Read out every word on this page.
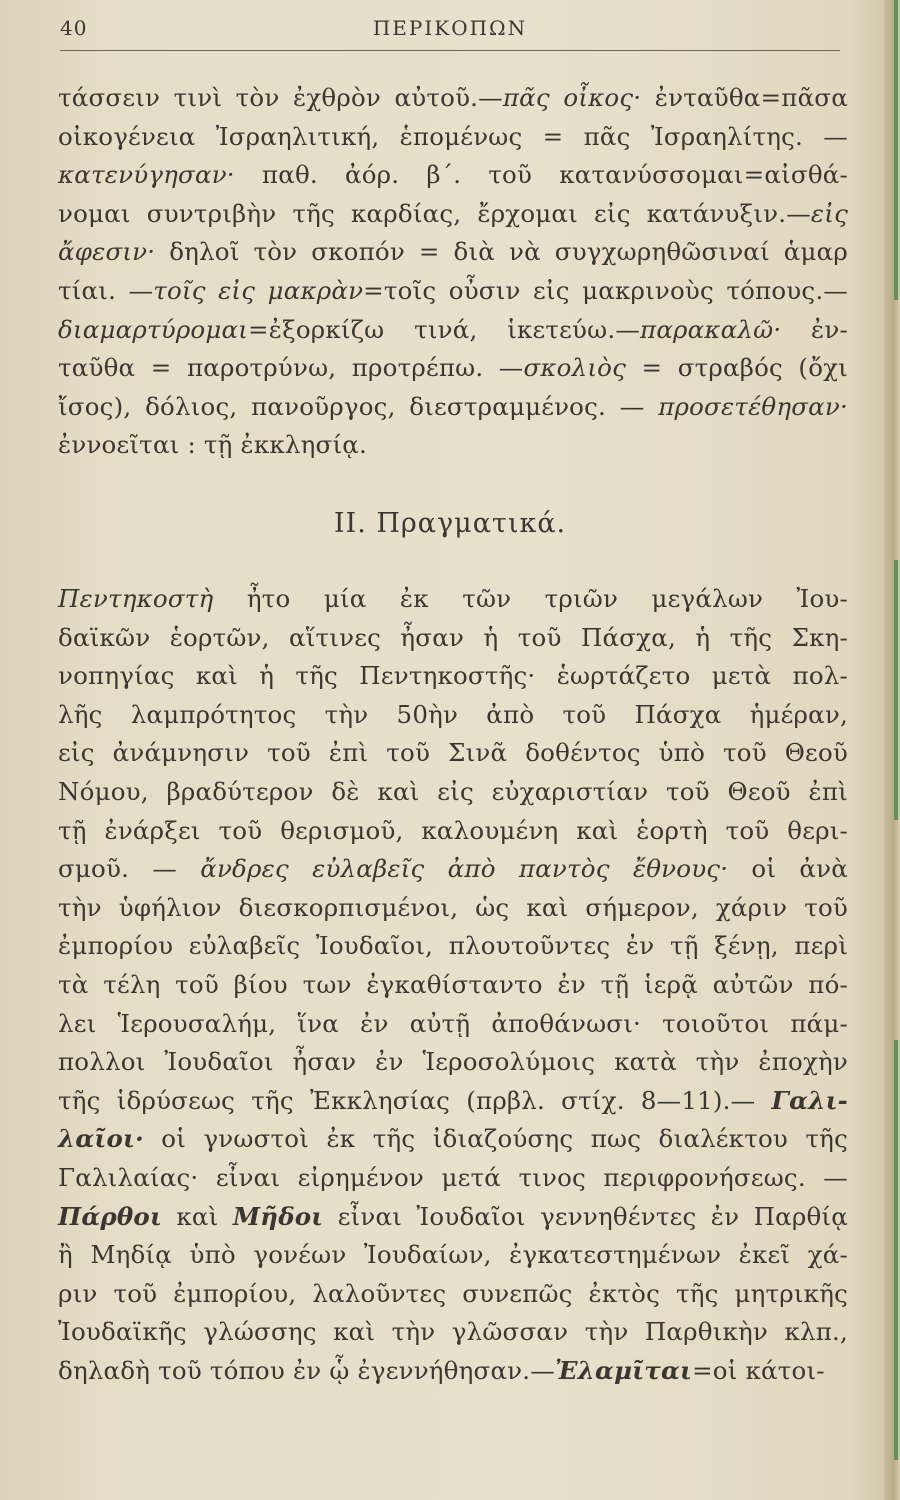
40	ΠΕΡΙΚΟΠΩΝ
τάσσειν τινὶ τὸν ἐχθρὸν αὐτοῦ.—πᾶς οἶκος· ἐνταῦθα=πᾶσα
οἰκογένεια Ἰσραηλιτική, ἑπομένως = πᾶς Ἰσραηλίτης. —
κατενύγησαν· παθ. ἀόρ. β΄. τοῦ κατανύσσομαι=αἰσθά-
νομαι συντριβὴν τῆς καρδίας, ἔρχομαι εἰς κατάνυξιν.—εἰς
ἄφεσιν· δηλοῖ τὸν σκοπόν = διὰ νὰ συγχωρηθῶσιναί ἁμαρ
τίαι. —τοῖς εἰς μακρὰν=τοῖς οὖσιν εἰς μακρινοὺς τόπους.—
διαμαρτύρομαι=ἐξορκίζω τινά, ἱκετεύω.—παρακαλῶ· ἐν-
ταῦθα = παροτρύνω, προτρέπω. —σκολιὸς = στραβός (ὄχι
ἴσος), δόλιος, πανοῦργος, διεστραμμένος. — προσετέθησαν·
ἐννοεῖται : τῇ ἐκκλησίᾳ.
II. Πραγματικά.
Πεντηκοστὴ ἦτο μία ἐκ τῶν τριῶν μεγάλων Ἰου-
δαϊκῶν ἑορτῶν, αἵτινες ἦσαν ἡ τοῦ Πάσχα, ἡ τῆς Σκη-
νοπηγίας καὶ ἡ τῆς Πεντηκοστῆς· ἑωρτάζετο μετὰ πολ-
λῆς λαμπρότητος τὴν 50ὴν ἀπὸ τοῦ Πάσχα ἡμέραν,
εἰς ἀνάμνησιν τοῦ ἐπὶ τοῦ Σινᾶ δοθέντος ὑπὸ τοῦ Θεοῦ
Νόμου, βραδύτερον δὲ καὶ εἰς εὐχαριστίαν τοῦ Θεοῦ ἐπὶ
τῇ ἐνάρξει τοῦ θερισμοῦ, καλουμένη καὶ ἑορτὴ τοῦ θερι-
σμοῦ. — ἄνδρες εὐλαβεῖς ἀπὸ παντὸς ἔθνους· οἱ ἀνὰ
τὴν ὑφήλιον διεσκορπισμένοι, ὡς καὶ σήμερον, χάριν τοῦ
ἐμπορίου εὐλαβεῖς Ἰουδαῖοι, πλουτοῦντες ἐν τῇ ξένῃ, περὶ
τὰ τέλη τοῦ βίου των ἐγκαθίσταντο ἐν τῇ ἱερᾷ αὐτῶν πό-
λει Ἱερουσαλήμ, ἵνα ἐν αὐτῇ ἀποθάνωσι· τοιοῦτοι πάμ-
πολλοι Ἰουδαῖοι ἦσαν ἐν Ἱεροσολύμοις κατὰ τὴν ἐποχὴν
τῆς ἱδρύσεως τῆς Ἐκκλησίας (πρβλ. στίχ. 8—11).— Γαλι-
λαῖοι· οἱ γνωστοὶ ἐκ τῆς ἰδιαζούσης πως διαλέκτου τῆς
Γαλιλαίας· εἶναι εἰρημένον μετά τινος περιφρονήσεως. —
Πάρθοι καὶ Μῆδοι εἶναι Ἰουδαῖοι γεννηθέντες ἐν Παρθίᾳ
ἢ Μηδίᾳ ὑπὸ γονέων Ἰουδαίων, ἐγκατεστημένων ἐκεῖ χά-
ριν τοῦ ἐμπορίου, λαλοῦντες συνεπῶς ἐκτὸς τῆς μητρικῆς
Ἰουδαϊκῆς γλώσσης καὶ τὴν γλῶσσαν τὴν Παρθικὴν κλπ.,
δηλαδὴ τοῦ τόπου ἐν ᾧ ἐγεννήθησαν.—Ἐλαμῖται=οἱ κάτοι-
